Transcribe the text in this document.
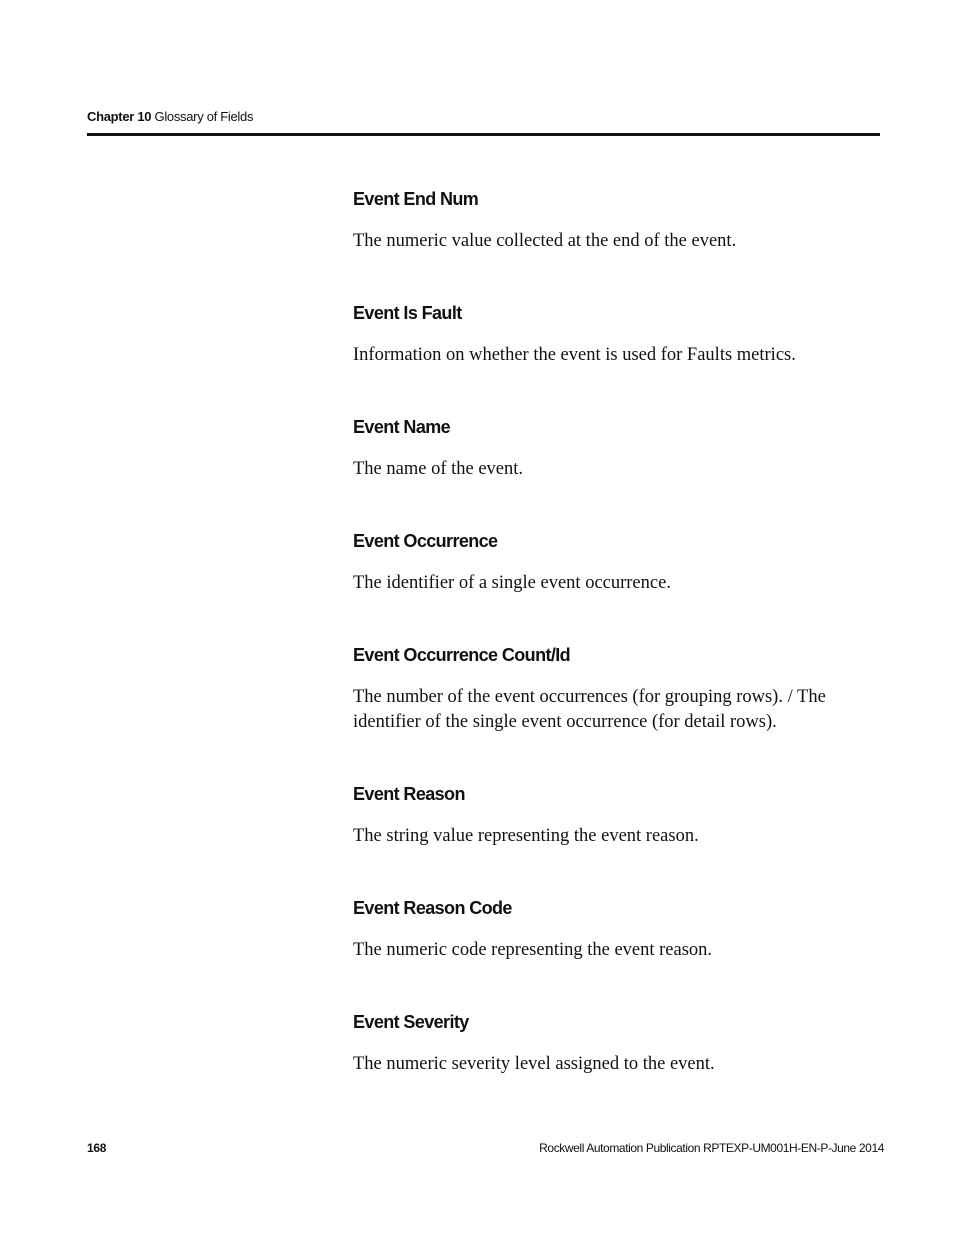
Chapter 10 Glossary of Fields
Event End Num

The numeric value collected at the end of the event.

Event Is Fault

Information on whether the event is used for Faults metrics.

Event Name

The name of the event.

Event Occurrence

The identifier of a single event occurrence.

Event Occurrence Count/Id

The number of the event occurrences (for grouping rows). / The identifier of the single event occurrence (for detail rows).

Event Reason

The string value representing the event reason.

Event Reason Code

The numeric code representing the event reason.

Event Severity

The numeric severity level assigned to the event.

168	Rockwell Automation Publication RPTEXP-UM001H-EN-P-June 2014
